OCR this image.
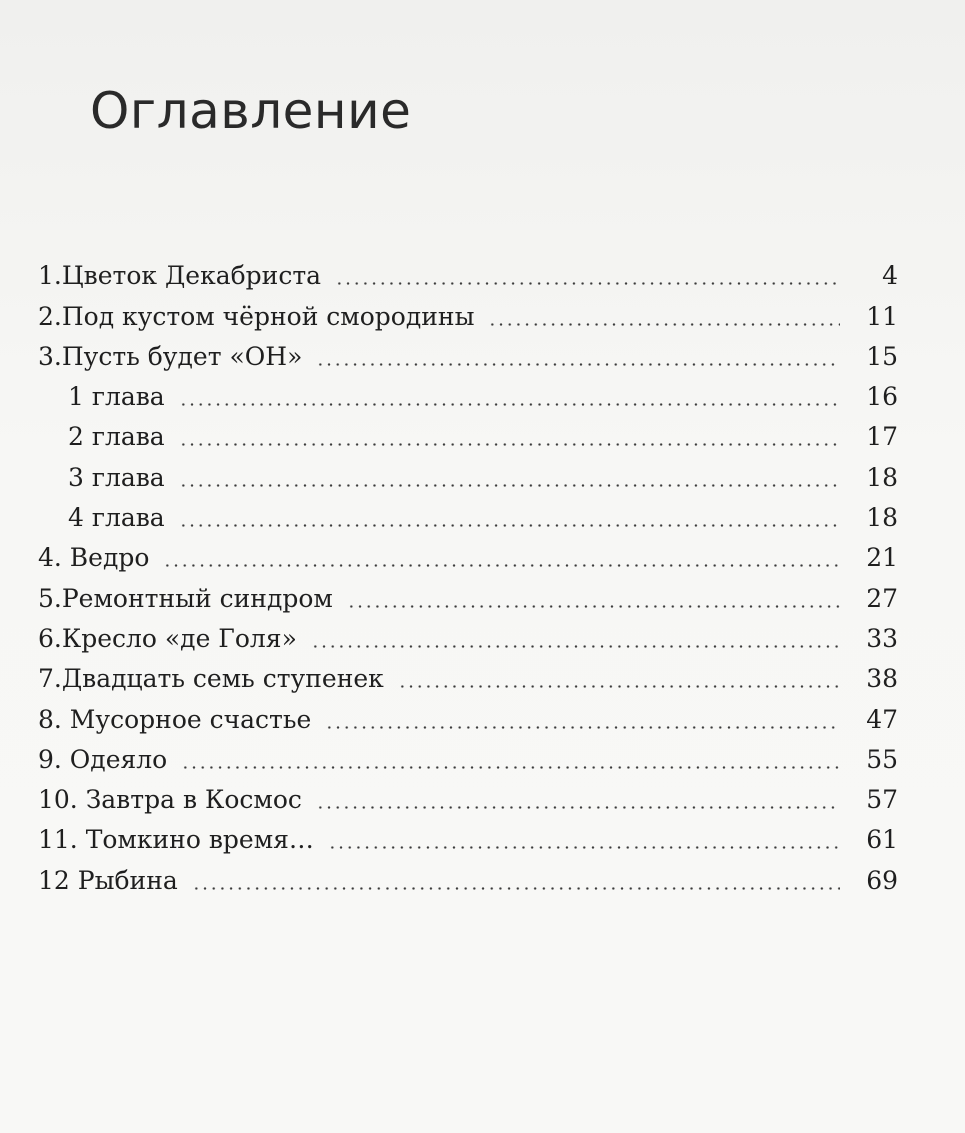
Оглавление
1.Цветок Декабриста	4
2.Под кустом чёрной смородины	11
3.Пусть будет «ОН»	15
1 глава	16
2 глава	17
3 глава	18
4 глава	18
4. Ведро	21
5.Ремонтный синдром	27
6.Кресло «де Голя»	33
7.Двадцать семь ступенек	38
8. Мусорное счастье	47
9. Одеяло	55
10. Завтра в Космос	57
11. Томкино время…	61
12 Рыбина	69
